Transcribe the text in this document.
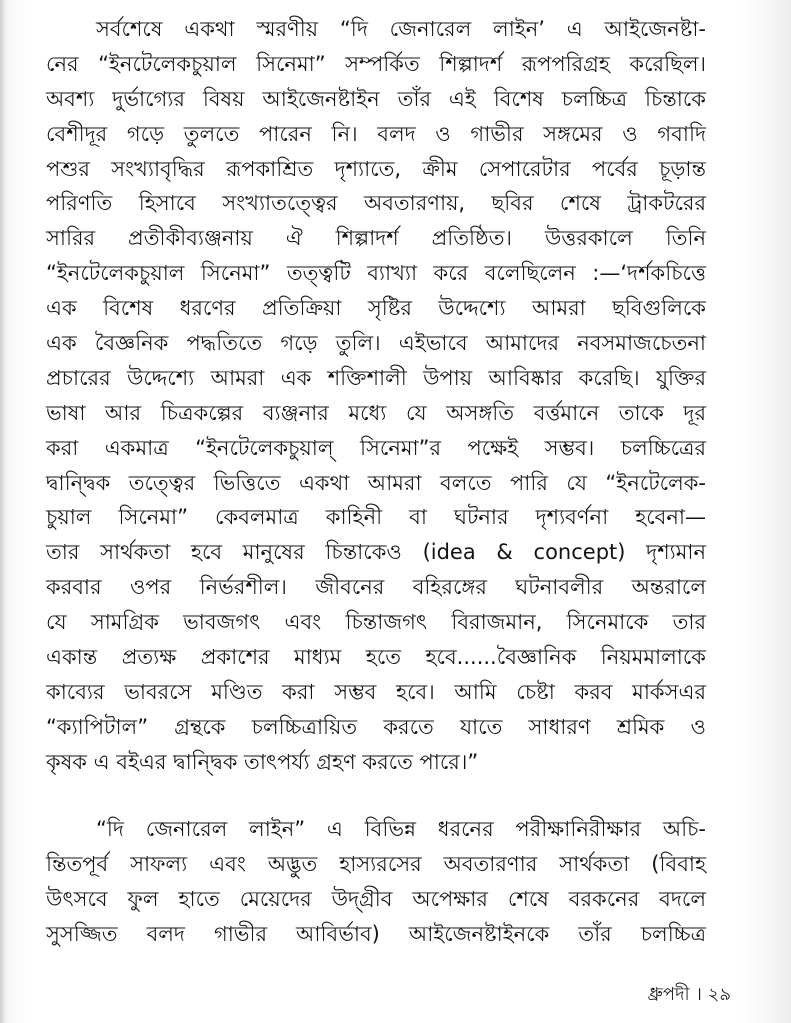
সর্বশেষে একথা স্মরণীয় “দি জেনারেল লাইন’ এ আইজেনষ্টা-
নের “ইনটেলেকচুয়াল সিনেমা” সম্পর্কিত শিল্পাদর্শ রূপপরিগ্রহ করেছিল।
অবশ্য দুর্ভাগ্যের বিষয় আইজেনষ্টাইন তাঁর এই বিশেষ চলচ্চিত্র চিন্তাকে
বেশীদূর গড়ে তুলতে পারেন নি। বলদ ও গাভীর সঙ্গমের ও গবাদি
পশুর সংখ্যাবৃদ্ধির রূপকাশ্রিত দৃশ্যাতে, ক্রীম সেপারেটার পর্বের চূড়ান্ত
পরিণতি হিসাবে সংখ্যাতত্ত্বের অবতারণায়, ছবির শেষে ট্রাকটরের
সারির প্রতীকীব্যঞ্জনায় ঐ শিল্পাদর্শ প্রতিষ্ঠিত। উত্তরকালে তিনি
“ইনটেলেকচুয়াল সিনেমা” তত্ত্বটি ব্যাখ্যা করে বলেছিলেন :—‘দর্শকচিত্তে
এক বিশেষ ধরণের প্রতিক্রিয়া সৃষ্টির উদ্দেশ্যে আমরা ছবিগুলিকে
এক বৈজ্ঞনিক পদ্ধতিতে গড়ে তুলি। এইভাবে আমাদের নবসমাজচেতনা
প্রচারের উদ্দেশ্যে আমরা এক শক্তিশালী উপায় আবিষ্কার করেছি। যুক্তির
ভাষা আর চিত্রকল্পের ব্যঞ্জনার মধ্যে যে অসঙ্গতি বর্ত্তমানে তাকে দূর
করা একমাত্র “ইনটেলেকচুয়াল্ সিনেমা”র পক্ষেই সম্ভব। চলচ্চিত্রের
দ্বান্দ্বিক তত্ত্বের ভিত্তিতে একথা আমরা বলতে পারি যে “ইনটেলেক-
চুয়াল সিনেমা” কেবলমাত্র কাহিনী বা ঘটনার দৃশ্যবর্ণনা হবেনা—
তার সার্থকতা হবে মানুষের চিন্তাকেও (idea & concept) দৃশ্যমান
করবার ওপর নির্ভরশীল। জীবনের বহিরঙ্গের ঘটনাবলীর অন্তরালে
যে সামগ্রিক ভাবজগৎ এবং চিন্তাজগৎ বিরাজমান, সিনেমাকে তার
একান্ত প্রত্যক্ষ প্রকাশের মাধ্যম হতে হবে......বৈজ্ঞানিক নিয়মমালাকে
কাব্যের ভাবরসে মণ্ডিত করা সম্ভব হবে। আমি চেষ্টা করব মার্কসএর
“ক্যাপিটাল” গ্রন্থকে চলচ্চিত্রায়িত করতে যাতে সাধারণ শ্রমিক ও
কৃষক এ বইএর দ্বান্দ্বিক তাৎপর্য্য গ্রহণ করতে পারে।”
“দি জেনারেল লাইন” এ বিভিন্ন ধরনের পরীক্ষানিরীক্ষার অচি-
ন্তিতপূর্ব সাফল্য এবং অদ্ভুত হাস্যরসের অবতারণার সার্থকতা (বিবাহ
উৎসবে ফুল হাতে মেয়েদের উদ্‌গ্রীব অপেক্ষার শেষে বরকনের বদলে
সুসজ্জিত বলদ গাভীর আবির্ভাব) আইজেনষ্টাইনকে তাঁর চলচ্চিত্র
ধ্রুপদী । ২৯
